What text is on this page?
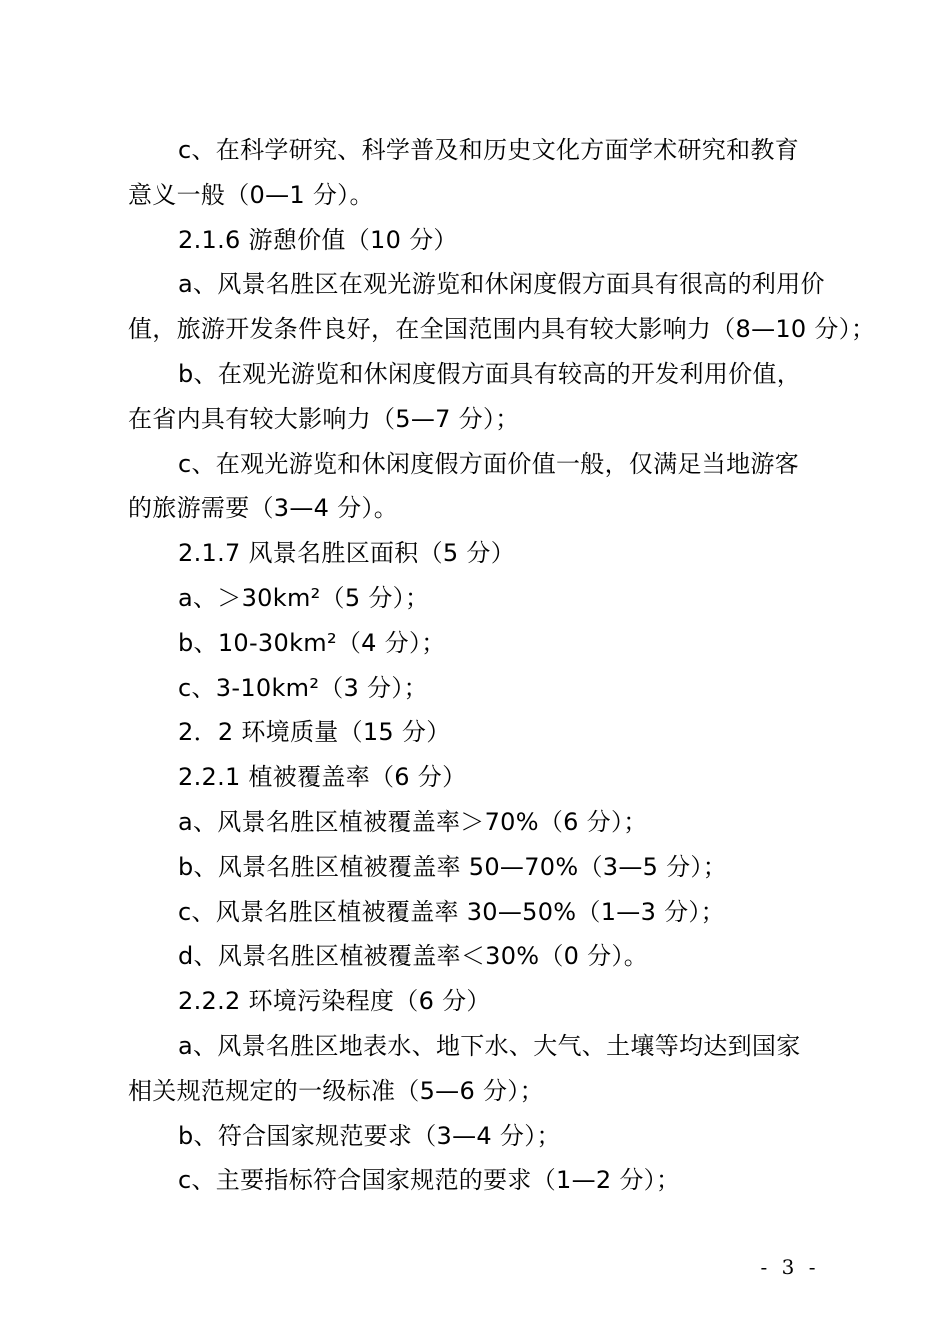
c、在科学研究、科学普及和历史文化方面学术研究和教育
意义一般（0—1 分）。
2.1.6 游憩价值（10 分）
a、风景名胜区在观光游览和休闲度假方面具有很高的利用价
值，旅游开发条件良好，在全国范围内具有较大影响力（8—10 分）；
b、在观光游览和休闲度假方面具有较高的开发利用价值，
在省内具有较大影响力（5—7 分）；
c、在观光游览和休闲度假方面价值一般，仅满足当地游客
的旅游需要（3—4 分）。
2.1.7 风景名胜区面积（5 分）
a、＞30km²（5 分）；
b、10-30km²（4 分）；
c、3-10km²（3 分）；
2．2 环境质量（15 分）
2.2.1 植被覆盖率（6 分）
a、风景名胜区植被覆盖率＞70%（6 分）；
b、风景名胜区植被覆盖率 50—70%（3—5 分）；
c、风景名胜区植被覆盖率 30—50%（1—3 分）；
d、风景名胜区植被覆盖率＜30%（0 分）。
2.2.2 环境污染程度（6 分）
a、风景名胜区地表水、地下水、大气、土壤等均达到国家
相关规范规定的一级标准（5—6 分）；
b、符合国家规范要求（3—4 分）；
c、主要指标符合国家规范的要求（1—2 分）；
- 3 -
